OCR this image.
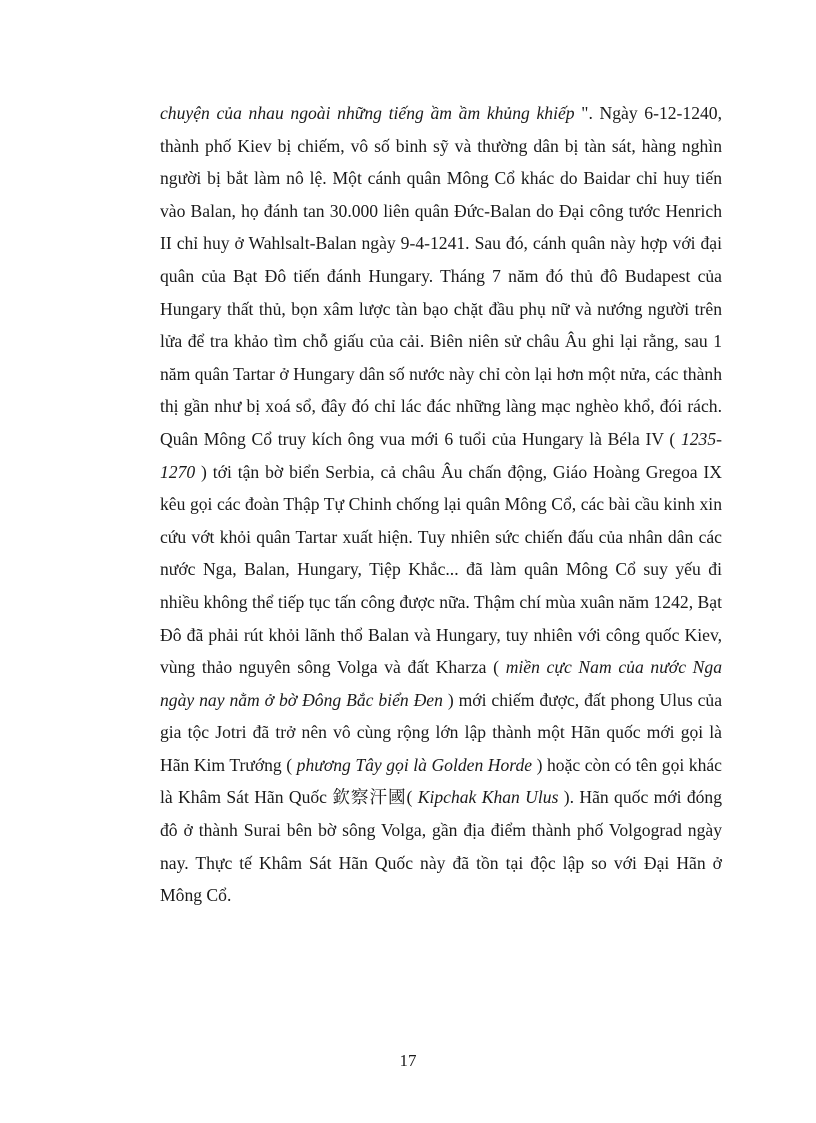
chuyện của nhau ngoài những tiếng ầm ầm khủng khiếp ". Ngày 6-12-1240, thành phố Kiev bị chiếm, vô số binh sỹ và thường dân bị tàn sát, hàng nghìn người bị bắt làm nô lệ. Một cánh quân Mông Cổ khác do Baidar chỉ huy tiến vào Balan, họ đánh tan 30.000 liên quân Đức-Balan do Đại công tước Henrich II chỉ huy ở Wahlsalt-Balan ngày 9-4-1241. Sau đó, cánh quân này hợp với đại quân của Bạt Đô tiến đánh Hungary. Tháng 7 năm đó thủ đô Budapest của Hungary thất thủ, bọn xâm lược tàn bạo chặt đầu phụ nữ và nướng người trên lửa để tra khảo tìm chỗ giấu của cải. Biên niên sử châu Âu ghi lại rằng, sau 1 năm quân Tartar ở Hungary dân số nước này chỉ còn lại hơn một nửa, các thành thị gần như bị xoá sổ, đây đó chỉ lác đác những làng mạc nghèo khổ, đói rách. Quân Mông Cổ truy kích ông vua mới 6 tuổi của Hungary là Béla IV ( 1235-1270 ) tới tận bờ biển Serbia, cả châu Âu chấn động, Giáo Hoàng Gregoa IX kêu gọi các đoàn Thập Tự Chinh chống lại quân Mông Cổ, các bài cầu kinh xin cứu vớt khỏi quân Tartar xuất hiện. Tuy nhiên sức chiến đấu của nhân dân các nước Nga, Balan, Hungary, Tiệp Khắc... đã làm quân Mông Cổ suy yếu đi nhiều không thể tiếp tục tấn công được nữa. Thậm chí mùa xuân năm 1242, Bạt Đô đã phải rút khỏi lãnh thổ Balan và Hungary, tuy nhiên với công quốc Kiev, vùng thảo nguyên sông Volga và đất Kharza ( miền cực Nam của nước Nga ngày nay nằm ở bờ Đông Bắc biển Đen ) mới chiếm được, đất phong Ulus của gia tộc Jotri đã trở nên vô cùng rộng lớn lập thành một Hãn quốc mới gọi là Hãn Kim Trướng ( phương Tây gọi là Golden Horde ) hoặc còn có tên gọi khác là Khâm Sát Hãn Quốc 欽察汗國( Kipchak Khan Ulus ). Hãn quốc mới đóng đô ở thành Surai bên bờ sông Volga, gần địa điểm thành phố Volgograd ngày nay. Thực tế Khâm Sát Hãn Quốc này đã tồn tại độc lập so với Đại Hãn ở Mông Cổ.

17
